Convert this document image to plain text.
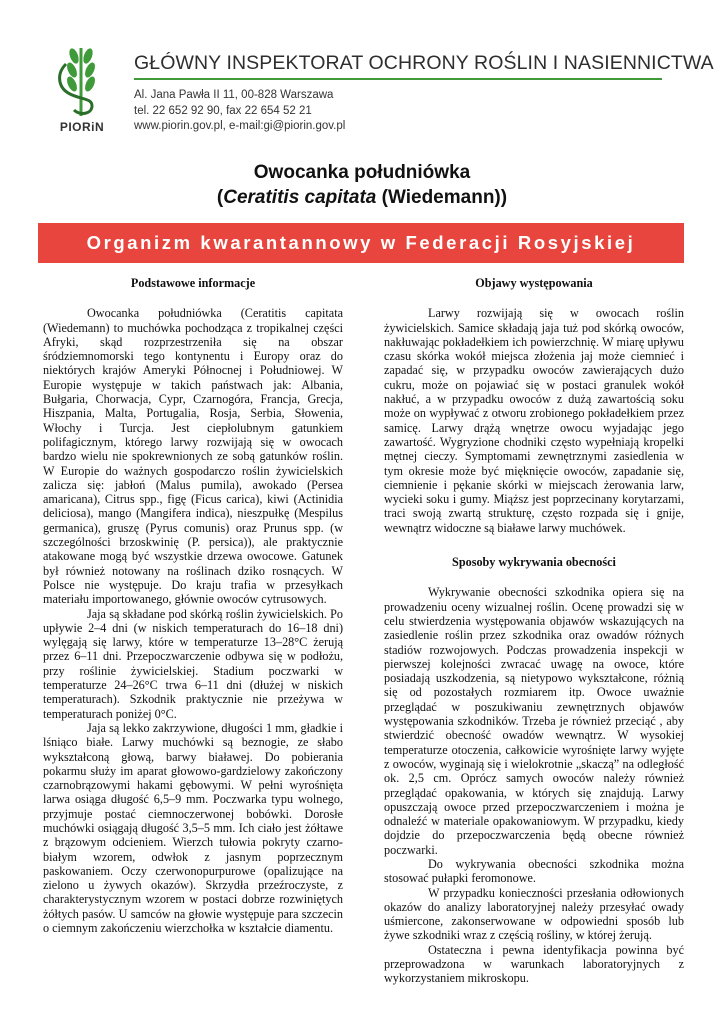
PIORiN
GŁÓWNY INSPEKTORAT OCHRONY ROŚLIN I NASIENNICTWA
Al. Jana Pawła II 11, 00-828 Warszawa
tel. 22 652 92 90, fax 22 654 52 21
www.piorin.gov.pl, e-mail:gi@piorin.gov.pl
Owocanka południówka
(Ceratitis capitata (Wiedemann))
Organizm kwarantannowy w Federacji Rosyjskiej
Podstawowe informacje

Owocanka południówka (Ceratitis capitata (Wiedemann) to muchówka pochodząca z tropikalnej części Afryki, skąd rozprzestrzeniła się na obszar śródziemnomorski tego kontynentu i Europy oraz do niektórych krajów Ameryki Północnej i Południowej. W Europie występuje w takich państwach jak: Albania, Bułgaria, Chorwacja, Cypr, Czarnogóra, Francja, Grecja, Hiszpania, Malta, Portugalia, Rosja, Serbia, Słowenia, Włochy i Turcja. Jest ciepłolubnym gatunkiem polifagicznym, którego larwy rozwijają się w owocach bardzo wielu nie spokrewnionych ze sobą gatunków roślin. W Europie do ważnych gospodarczo roślin żywicielskich zalicza się: jabłoń (Malus pumila), awokado (Persea amaricana), Citrus spp., figę (Ficus carica), kiwi (Actinidia deliciosa), mango (Mangifera indica), nieszpułkę (Mespilus germanica), gruszę (Pyrus comunis) oraz Prunus spp. (w szczególności brzoskwinię (P. persica)), ale praktycznie atakowane mogą być wszystkie drzewa owocowe. Gatunek był również notowany na roślinach dziko rosnących. W Polsce nie występuje. Do kraju trafia w przesyłkach materiału importowanego, głównie owoców cytrusowych.

Jaja są składane pod skórką roślin żywicielskich. Po upływie 2–4 dni (w niskich temperaturach do 16–18 dni) wylęgają się larwy, które w temperaturze 13–28°C żerują przez 6–11 dni. Przepoczwarczenie odbywa się w podłożu, przy roślinie żywicielskiej. Stadium poczwarki w temperaturze 24–26°C trwa 6–11 dni (dłużej w niskich temperaturach). Szkodnik praktycznie nie przeżywa w temperaturach poniżej 0°C.

Jaja są lekko zakrzywione, długości 1 mm, gładkie i lśniąco białe. Larwy muchówki są beznogie, ze słabo wykształconą głową, barwy białawej. Do pobierania pokarmu służy im aparat głowowo-gardzielowy zakończony czarnobrązowymi hakami gębowymi. W pełni wyrośnięta larwa osiąga długość 6,5–9 mm. Poczwarka typu wolnego, przyjmuje postać ciemnoczerwonej bobówki. Dorosłe muchówki osiągają długość 3,5–5 mm. Ich ciało jest żółtawe z brązowym odcieniem. Wierzch tułowia pokryty czarno-białym wzorem, odwłok z jasnym poprzecznym paskowaniem. Oczy czerwonopurpurowe (opalizujące na zielono u żywych okazów). Skrzydła przeźroczyste, z charakterystycznym wzorem w postaci dobrze rozwiniętych żółtych pasów. U samców na głowie występuje para szczecin o ciemnym zakończeniu wierzchołka w kształcie diamentu.

Objawy występowania

Larwy rozwijają się w owocach roślin żywicielskich. Samice składają jaja tuż pod skórką owoców, nakłuwając pokładełkiem ich powierzchnię. W miarę upływu czasu skórka wokół miejsca złożenia jaj może ciemnieć i zapadać się, w przypadku owoców zawierających dużo cukru, może on pojawiać się w postaci granulek wokół nakłuć, a w przypadku owoców z dużą zawartością soku może on wypływać z otworu zrobionego pokładełkiem przez samicę. Larwy drążą wnętrze owocu wyjadając jego zawartość. Wygryzione chodniki często wypełniają kropelki mętnej cieczy. Symptomami zewnętrznymi zasiedlenia w tym okresie może być mięknięcie owoców, zapadanie się, ciemnienie i pękanie skórki w miejscach żerowania larw, wycieki soku i gumy. Miąższ jest poprzecinany korytarzami, traci swoją zwartą strukturę, często rozpada się i gnije, wewnątrz widoczne są białawe larwy muchówek.

Sposoby wykrywania obecności

Wykrywanie obecności szkodnika opiera się na prowadzeniu oceny wizualnej roślin. Ocenę prowadzi się w celu stwierdzenia występowania objawów wskazujących na zasiedlenie roślin przez szkodnika oraz owadów różnych stadiów rozwojowych. Podczas prowadzenia inspekcji w pierwszej kolejności zwracać uwagę na owoce, które posiadają uszkodzenia, są nietypowo wykształcone, różnią się od pozostałych rozmiarem itp. Owoce uważnie przeglądać w poszukiwaniu zewnętrznych objawów występowania szkodników. Trzeba je również przeciąć , aby stwierdzić obecność owadów wewnątrz. W wysokiej temperaturze otoczenia, całkowicie wyrośnięte larwy wyjęte z owoców, wyginają się i wielokrotnie „skaczą” na odległość ok. 2,5 cm. Oprócz samych owoców należy również przeglądać opakowania, w których się znajdują. Larwy opuszczają owoce przed przepoczwarczeniem i można je odnaleźć w materiale opakowaniowym. W przypadku, kiedy dojdzie do przepoczwarczenia będą obecne również poczwarki.

Do wykrywania obecności szkodnika można stosować pułapki feromonowe.

W przypadku konieczności przesłania odłowionych okazów do analizy laboratoryjnej należy przesyłać owady uśmiercone, zakonserwowane w odpowiedni sposób lub żywe szkodniki wraz z częścią rośliny, w której żerują.

Ostateczna i pewna identyfikacja powinna być przeprowadzona w warunkach laboratoryjnych z wykorzystaniem mikroskopu.
